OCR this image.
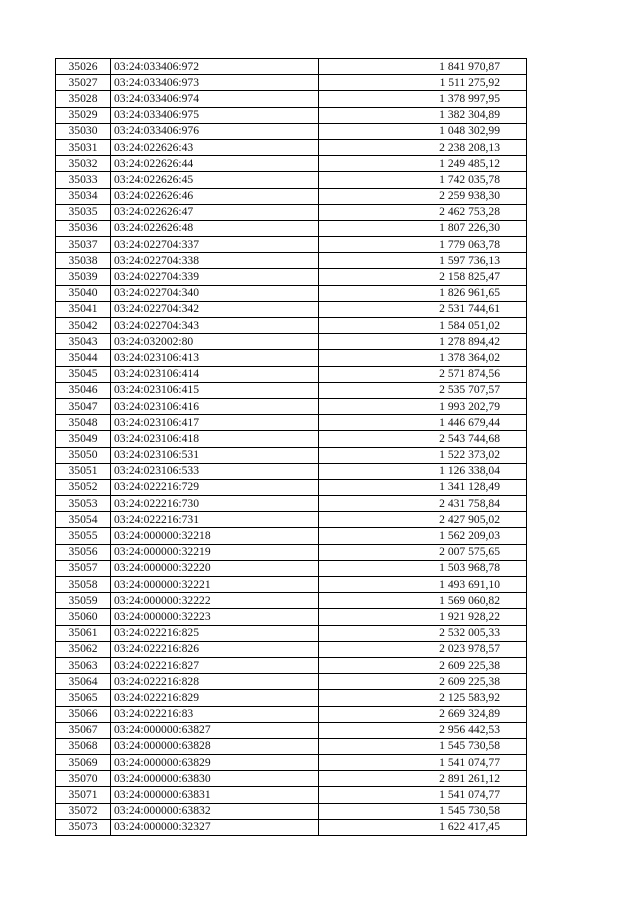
35026	03:24:033406:972	1 841 970,87
35027	03:24:033406:973	1 511 275,92
35028	03:24:033406:974	1 378 997,95
35029	03:24:033406:975	1 382 304,89
35030	03:24:033406:976	1 048 302,99
35031	03:24:022626:43	2 238 208,13
35032	03:24:022626:44	1 249 485,12
35033	03:24:022626:45	1 742 035,78
35034	03:24:022626:46	2 259 938,30
35035	03:24:022626:47	2 462 753,28
35036	03:24:022626:48	1 807 226,30
35037	03:24:022704:337	1 779 063,78
35038	03:24:022704:338	1 597 736,13
35039	03:24:022704:339	2 158 825,47
35040	03:24:022704:340	1 826 961,65
35041	03:24:022704:342	2 531 744,61
35042	03:24:022704:343	1 584 051,02
35043	03:24:032002:80	1 278 894,42
35044	03:24:023106:413	1 378 364,02
35045	03:24:023106:414	2 571 874,56
35046	03:24:023106:415	2 535 707,57
35047	03:24:023106:416	1 993 202,79
35048	03:24:023106:417	1 446 679,44
35049	03:24:023106:418	2 543 744,68
35050	03:24:023106:531	1 522 373,02
35051	03:24:023106:533	1 126 338,04
35052	03:24:022216:729	1 341 128,49
35053	03:24:022216:730	2 431 758,84
35054	03:24:022216:731	2 427 905,02
35055	03:24:000000:32218	1 562 209,03
35056	03:24:000000:32219	2 007 575,65
35057	03:24:000000:32220	1 503 968,78
35058	03:24:000000:32221	1 493 691,10
35059	03:24:000000:32222	1 569 060,82
35060	03:24:000000:32223	1 921 928,22
35061	03:24:022216:825	2 532 005,33
35062	03:24:022216:826	2 023 978,57
35063	03:24:022216:827	2 609 225,38
35064	03:24:022216:828	2 609 225,38
35065	03:24:022216:829	2 125 583,92
35066	03:24:022216:83	2 669 324,89
35067	03:24:000000:63827	2 956 442,53
35068	03:24:000000:63828	1 545 730,58
35069	03:24:000000:63829	1 541 074,77
35070	03:24:000000:63830	2 891 261,12
35071	03:24:000000:63831	1 541 074,77
35072	03:24:000000:63832	1 545 730,58
35073	03:24:000000:32327	1 622 417,45
